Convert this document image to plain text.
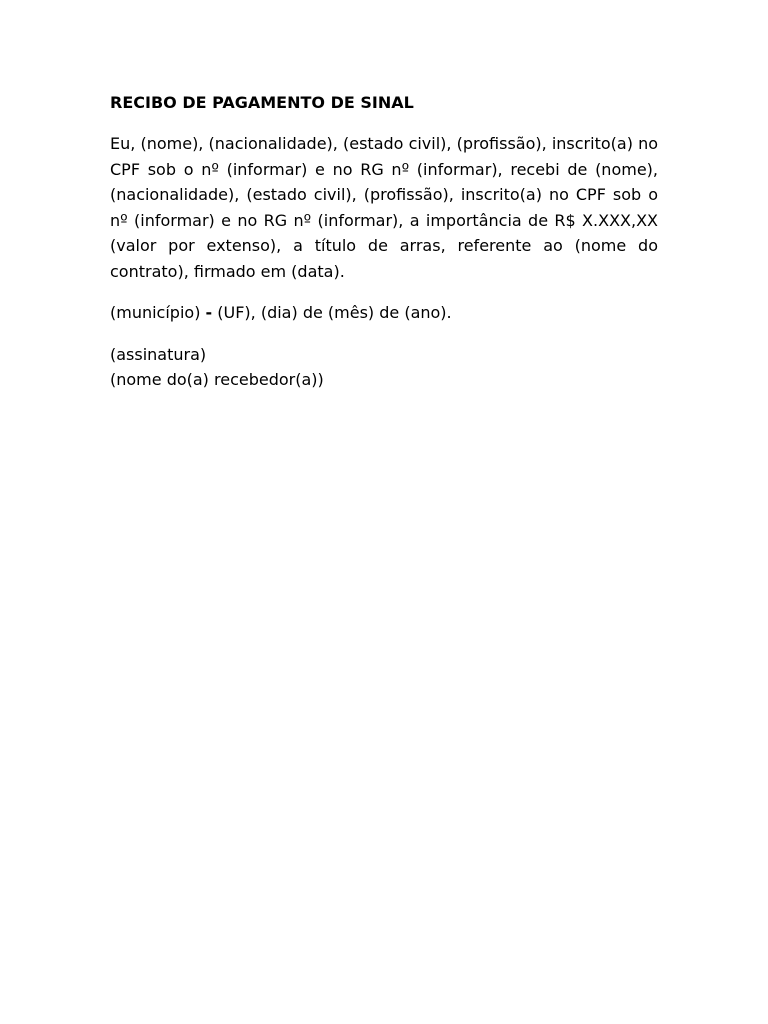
RECIBO DE PAGAMENTO DE SINAL

Eu, (nome), (nacionalidade), (estado civil), (profissão), inscrito(a) no CPF sob o nº (informar) e no RG nº (informar), recebi de (nome), (nacionalidade), (estado civil), (profissão), inscrito(a) no CPF sob o nº (informar) e no RG nº (informar), a importância de R$ X.XXX,XX (valor por extenso), a título de arras, referente ao (nome do contrato), firmado em (data).

(município) - (UF), (dia) de (mês) de (ano).

(assinatura)
(nome do(a) recebedor(a))
